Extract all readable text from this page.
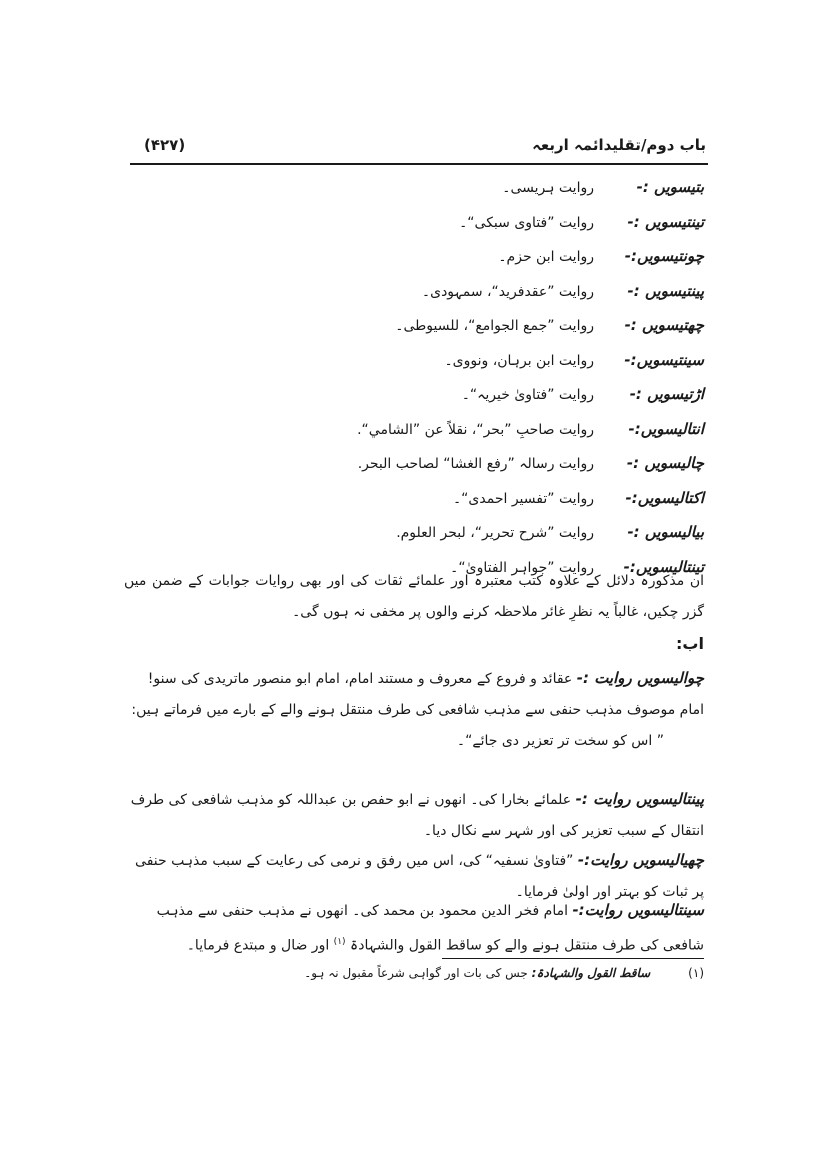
باب دوم/تقلیدائمہ اربعہ
(۴۲۷)
بتیسویں :-روایت ہریسی۔
تینتیسویں :-روایت ”فتاوی سبکی“۔
چونتیسویں:-روایت ابن حزم۔
پینتیسویں :-روایت ”عقدفرید“، سمہودی۔
چھتیسویں :-روایت ”جمع الجوامع“، للسیوطی۔
سینتیسویں:-روایت ابن برہان، ونووی۔
اڑتیسویں :-روایت ”فتاویٰ خیریہ“۔
انتالیسویں:-روایت صاحبِ ”بحر“، نقلاً عن ”الشامي“.
چالیسویں :-روایت رسالہ ”رفع الغشا“ لصاحب البحر.
اکتالیسویں:-روایت ”تفسیر احمدی“۔
بیالیسویں :-روایت ”شرح تحریر“، لبحر العلوم.
تینتالیسویں:-روایت ”جواہر الفتاویٰ“۔
ان مذکورہ دلائل کے علاوہ کتب معتبرہ اور علمائے ثقات کی اور بھی روایات جوابات کے ضمن میں گزر چکیں، غالباً یہ نظرِ غائر ملاحظہ کرنے والوں پر مخفی نہ ہوں گی۔
اب:
چوالیسویں روایت :- عقائد و فروع کے معروف و مستند امام، امام ابو منصور ماتریدی کی سنو! امام موصوف مذہب حنفی سے مذہب شافعی کی طرف منتقل ہونے والے کے بارے میں فرماتے ہیں:
” اس کو سخت تر تعزیر دی جائے“۔
پینتالیسویں روایت :- علمائے بخارا کی۔ انھوں نے ابو حفص بن عبداللہ کو مذہب شافعی کی طرف انتقال کے سبب تعزیر کی اور شہر سے نکال دیا۔
چھیالیسویں روایت:- ”فتاویٰ نسفیہ“ کی، اس میں رفق و نرمی کی رعایت کے سبب مذہب حنفی پر ثبات کو بہتر اور اولیٰ فرمایا۔
سینتالیسویں روایت:- امام فخر الدین محمود بن محمد کی۔ انھوں نے مذہب حنفی سے مذہب شافعی کی طرف منتقل ہونے والے کو ساقط القول والشہادۃ $^{(۱)}$ اور ضال و مبتدع فرمایا۔
(۱) ساقط القول والشہادۃ: جس کی بات اور گواہی شرعاً مقبول نہ ہو۔
